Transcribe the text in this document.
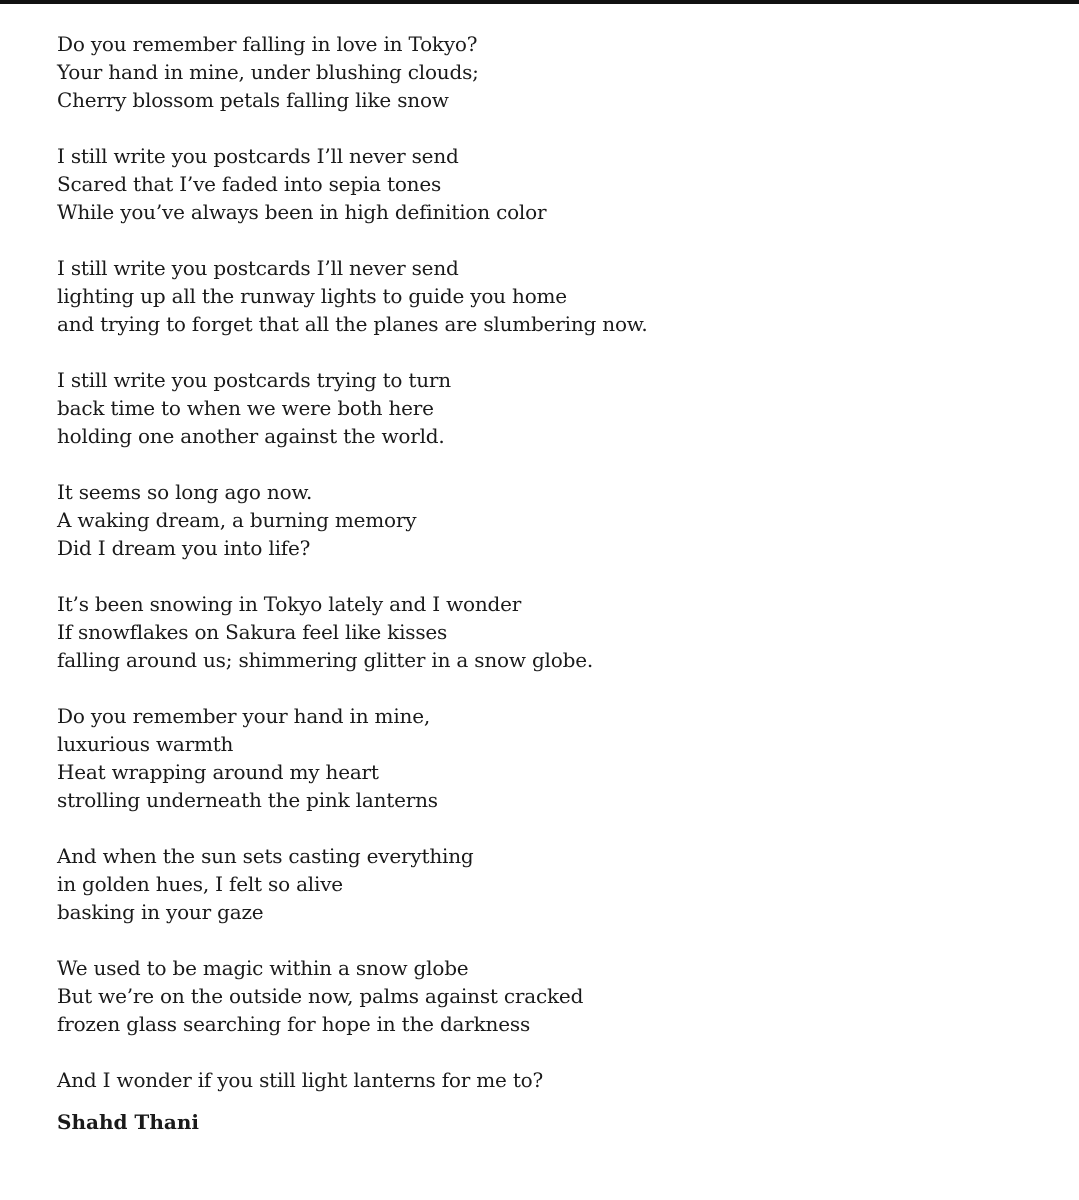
Do you remember falling in love in Tokyo?
Your hand in mine, under blushing clouds;
Cherry blossom petals falling like snow
I still write you postcards I’ll never send
Scared that I’ve faded into sepia tones
While you’ve always been in high definition color
I still write you postcards I’ll never send
lighting up all the runway lights to guide you home
and trying to forget that all the planes are slumbering now.
I still write you postcards trying to turn
back time to when we were both here
holding one another against the world.
It seems so long ago now.
A waking dream, a burning memory
Did I dream you into life?
It’s been snowing in Tokyo lately and I wonder
If snowflakes on Sakura feel like kisses
falling around us; shimmering glitter in a snow globe.
Do you remember your hand in mine,
luxurious warmth
Heat wrapping around my heart
strolling underneath the pink lanterns
And when the sun sets casting everything
in golden hues, I felt so alive
basking in your gaze
We used to be magic within a snow globe
But we’re on the outside now, palms against cracked
frozen glass searching for hope in the darkness
And I wonder if you still light lanterns for me to?
Shahd Thani
